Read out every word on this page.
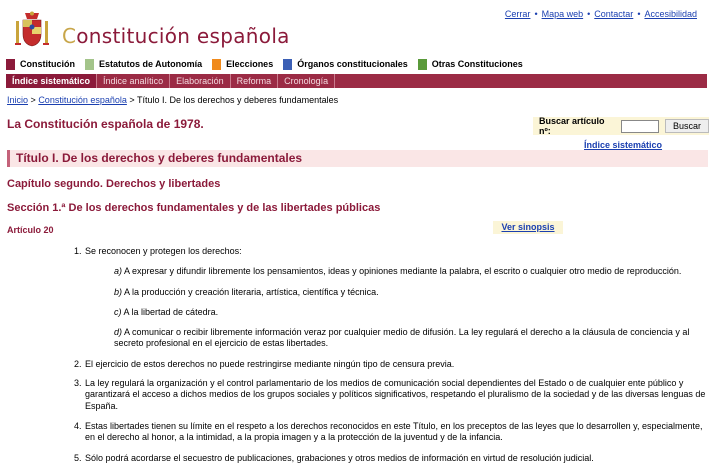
Constitución española
Cerrar • Mapa web • Contactar • Accesibilidad
Constitución	Estatutos de Autonomía	Elecciones	Órganos constitucionales	Otras Constituciones
Índice sistemático	Índice analítico	Elaboración	Reforma	Cronología
Inicio > Constitución española > Título I. De los derechos y deberes fundamentales
La Constitución española de 1978.	Buscar artículo nº:	Buscar
Índice sistemático
Título I. De los derechos y deberes fundamentales
Capítulo segundo. Derechos y libertades
Sección 1.ª De los derechos fundamentales y de las libertades públicas
Artículo 20	Ver sinopsis
1. Se reconocen y protegen los derechos:
a) A expresar y difundir libremente los pensamientos, ideas y opiniones mediante la palabra, el escrito o cualquier otro medio de reproducción.
b) A la producción y creación literaria, artística, científica y técnica.
c) A la libertad de cátedra.
d) A comunicar o recibir libremente información veraz por cualquier medio de difusión. La ley regulará el derecho a la cláusula de conciencia y al secreto profesional en el ejercicio de estas libertades.
2. El ejercicio de estos derechos no puede restringirse mediante ningún tipo de censura previa.
3. La ley regulará la organización y el control parlamentario de los medios de comunicación social dependientes del Estado o de cualquier ente público y garantizará el acceso a dichos medios de los grupos sociales y políticos significativos, respetando el pluralismo de la sociedad y de las diversas lenguas de España.
4. Estas libertades tienen su límite en el respeto a los derechos reconocidos en este Título, en los preceptos de las leyes que lo desarrollen y, especialmente, en el derecho al honor, a la intimidad, a la propia imagen y a la protección de la juventud y de la infancia.
5. Sólo podrá acordarse el secuestro de publicaciones, grabaciones y otros medios de información en virtud de resolución judicial.
